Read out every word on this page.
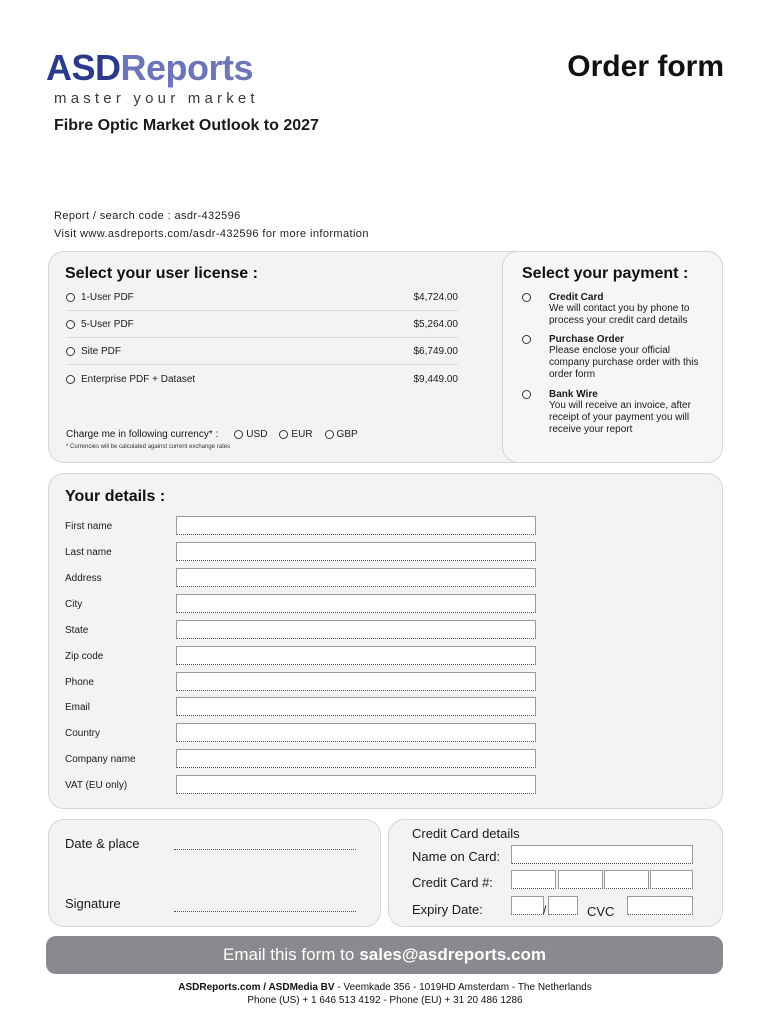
ASDReports
master your market
Order form
Fibre Optic Market Outlook to 2027
Report / search code : asdr-432596
Visit www.asdreports.com/asdr-432596 for more information
Select your user license :
1-User PDF	$4,724.00
5-User PDF	$5,264.00
Site PDF	$6,749.00
Enterprise PDF + Dataset	$9,449.00
Charge me in following currency* :	USD EUR GBP
* Currencies will be calculated against current exchange rates
Select your payment :
Credit Card
We will contact you by phone to process your credit card details
Purchase Order
Please enclose your official company purchase order with this order form
Bank Wire
You will receive an invoice, after receipt of your payment you will receive your report
Your details :
First name
Last name
Address
City
State
Zip code
Phone
Email
Country
Company name
VAT (EU only)
Date & place
Signature
Credit Card details
Name on Card:
Credit Card #:
Expiry Date:	/	CVC
Email this form to sales@asdreports.com
ASDReports.com / ASDMedia BV - Veemkade 356 - 1019HD Amsterdam - The Netherlands
Phone (US) + 1 646 513 4192 - Phone (EU) + 31 20 486 1286
